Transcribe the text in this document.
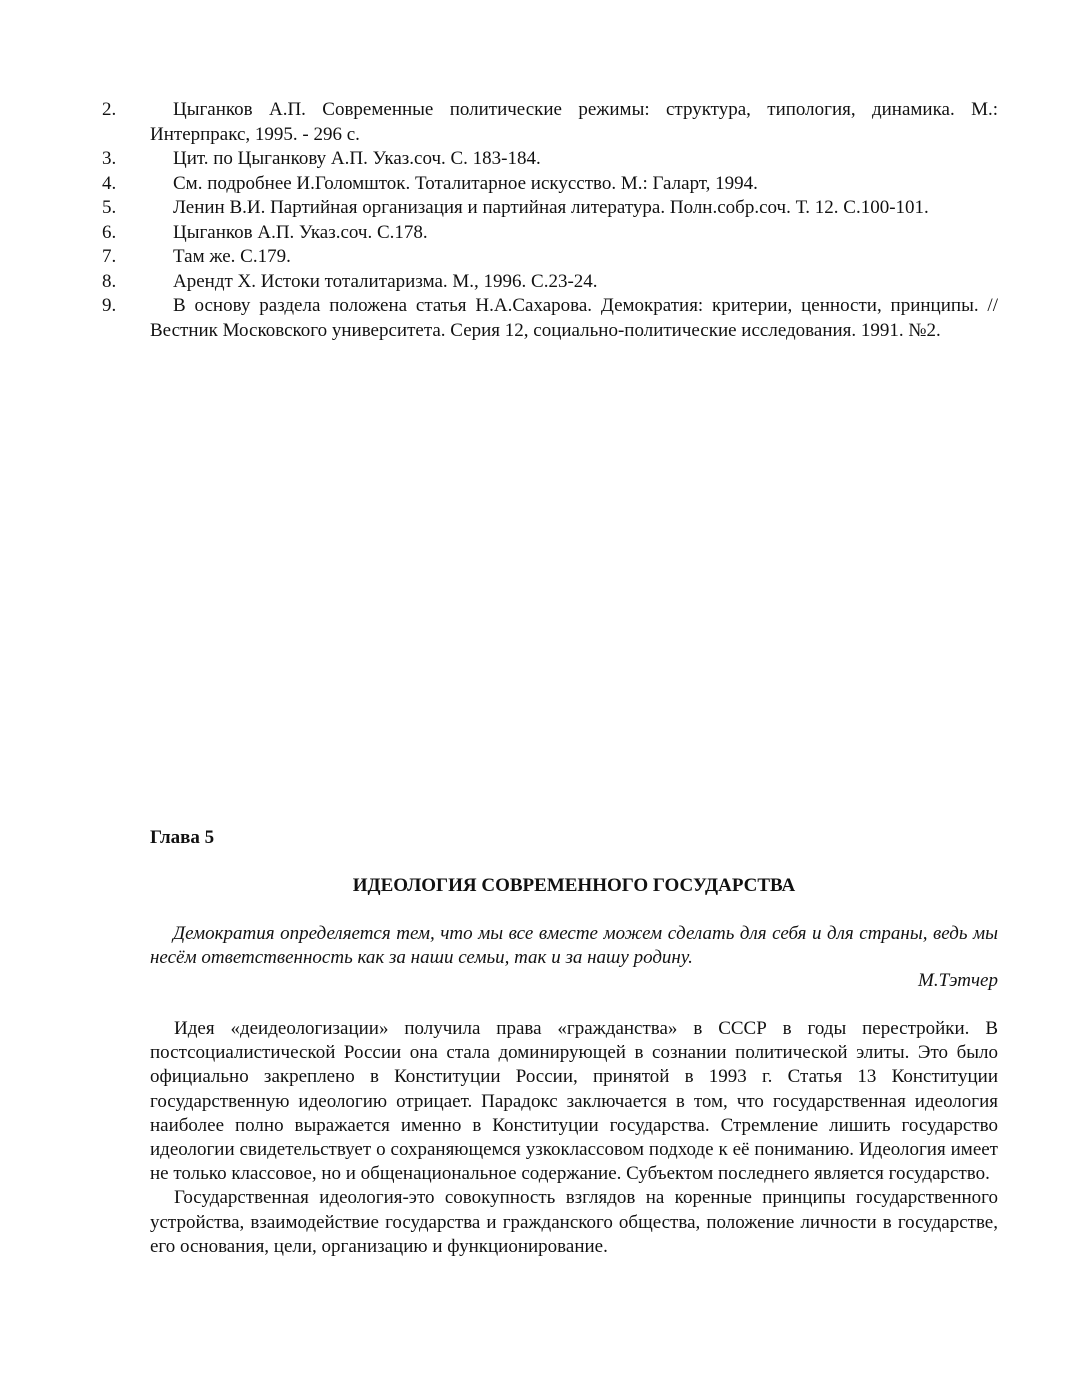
2.	Цыганков А.П. Современные политические режимы: структура, типология, динамика. М.: Интерпракс, 1995. - 296 с.
3.	Цит. по Цыганкову А.П. Указ.соч. С. 183-184.
4.	См. подробнее И.Голомшток. Тоталитарное искусство. М.: Галарт, 1994.
5.	Ленин В.И. Партийная организация и партийная литература. Полн.собр.соч. Т. 12. С.100-101.
6.	Цыганков А.П. Указ.соч. С.178.
7.	Там же. С.179.
8.	Арендт Х. Истоки тоталитаризма. М., 1996. С.23-24.
9.	В основу раздела положена статья Н.А.Сахарова. Демократия: критерии, ценности, принципы. // Вестник Московского университета. Серия 12, социально-политические исследования. 1991. №2.
Глава 5
ИДЕОЛОГИЯ СОВРЕМЕННОГО ГОСУДАРСТВА

Демократия определяется тем, что мы все вместе можем сделать для себя и для страны, ведь мы несём ответственность как за наши семьи, так и за нашу родину.

М.Тэтчер

Идея «деидеологизации» получила права «гражданства» в СССР в годы перестройки. В постсоциалистической России она стала доминирующей в сознании политической элиты. Это было официально закреплено в Конституции России, принятой в 1993 г. Статья 13 Конституции государственную идеологию отрицает. Парадокс заключается в том, что государственная идеология наиболее полно выражается именно в Конституции государства. Стремление лишить государство идеологии свидетельствует о сохраняющемся узкоклассовом подходе к её пониманию. Идеология имеет не только классовое, но и общенациональное содержание. Субъектом последнего является государство.

Государственная идеология-это совокупность взглядов на коренные принципы государственного устройства, взаимодействие государства и гражданского общества, положение личности в государстве, его основания, цели, организацию и функционирование.
